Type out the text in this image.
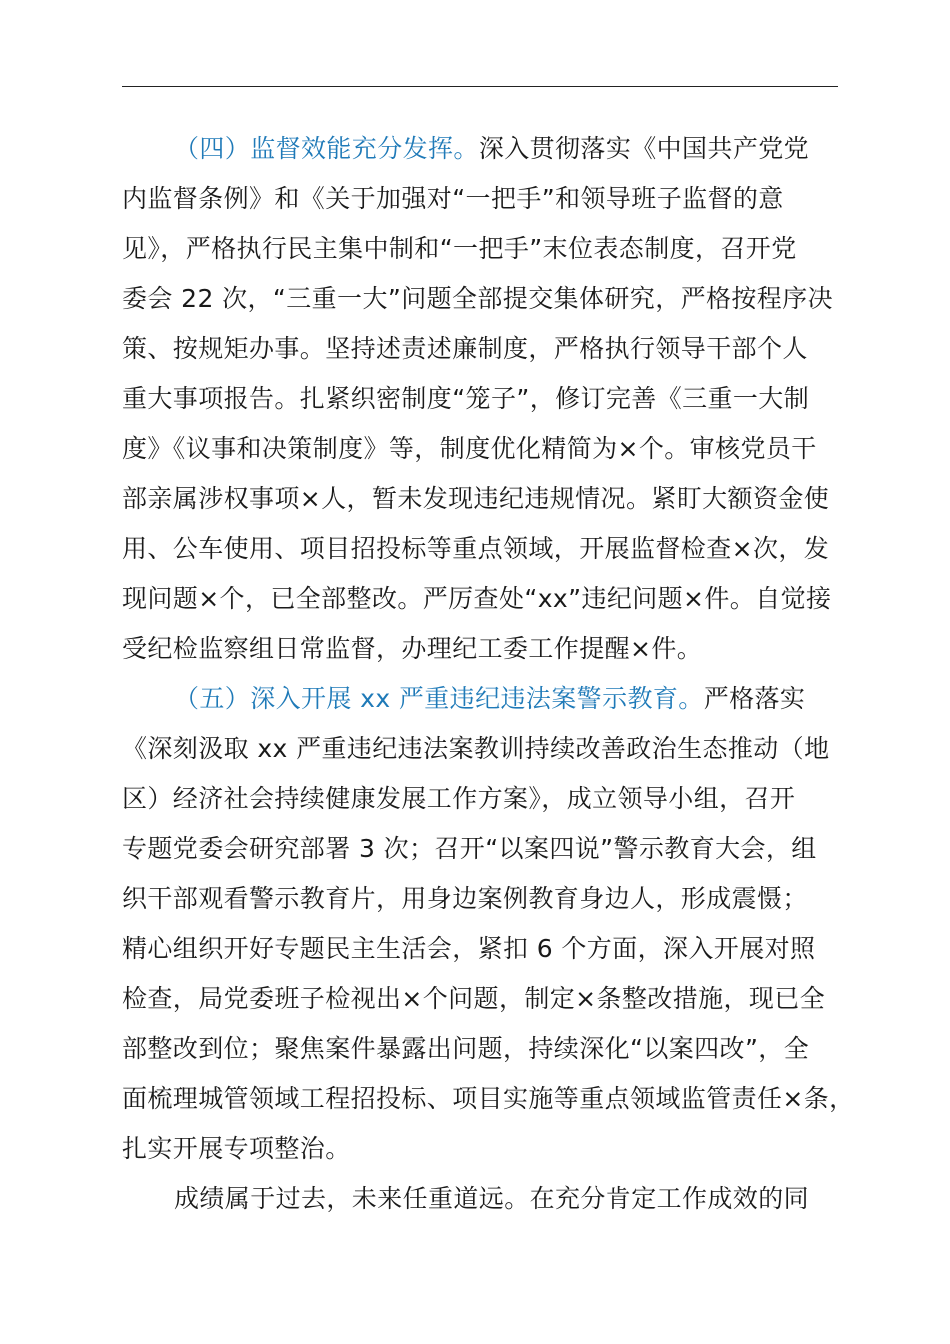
（四）监督效能充分发挥。深入贯彻落实《中国共产党党
内监督条例》和《关于加强对“一把手”和领导班子监督的意
见》，严格执行民主集中制和“一把手”末位表态制度，召开党
委会 22 次，“三重一大”问题全部提交集体研究，严格按程序决
策、按规矩办事。坚持述责述廉制度，严格执行领导干部个人
重大事项报告。扎紧织密制度“笼子”，修订完善《三重一大制
度》《议事和决策制度》等，制度优化精简为×个。审核党员干
部亲属涉权事项×人，暂未发现违纪违规情况。紧盯大额资金使
用、公车使用、项目招投标等重点领域，开展监督检查×次，发
现问题×个，已全部整改。严厉查处“xx”违纪问题×件。自觉接
受纪检监察组日常监督，办理纪工委工作提醒×件。
（五）深入开展 xx 严重违纪违法案警示教育。严格落实
《深刻汲取 xx 严重违纪违法案教训持续改善政治生态推动（地
区）经济社会持续健康发展工作方案》，成立领导小组，召开
专题党委会研究部署 3 次；召开“以案四说”警示教育大会，组
织干部观看警示教育片，用身边案例教育身边人，形成震慑；
精心组织开好专题民主生活会，紧扣 6 个方面，深入开展对照
检查，局党委班子检视出×个问题，制定×条整改措施，现已全
部整改到位；聚焦案件暴露出问题，持续深化“以案四改”，全
面梳理城管领域工程招投标、项目实施等重点领域监管责任×条，
扎实开展专项整治。
成绩属于过去，未来任重道远。在充分肯定工作成效的同
